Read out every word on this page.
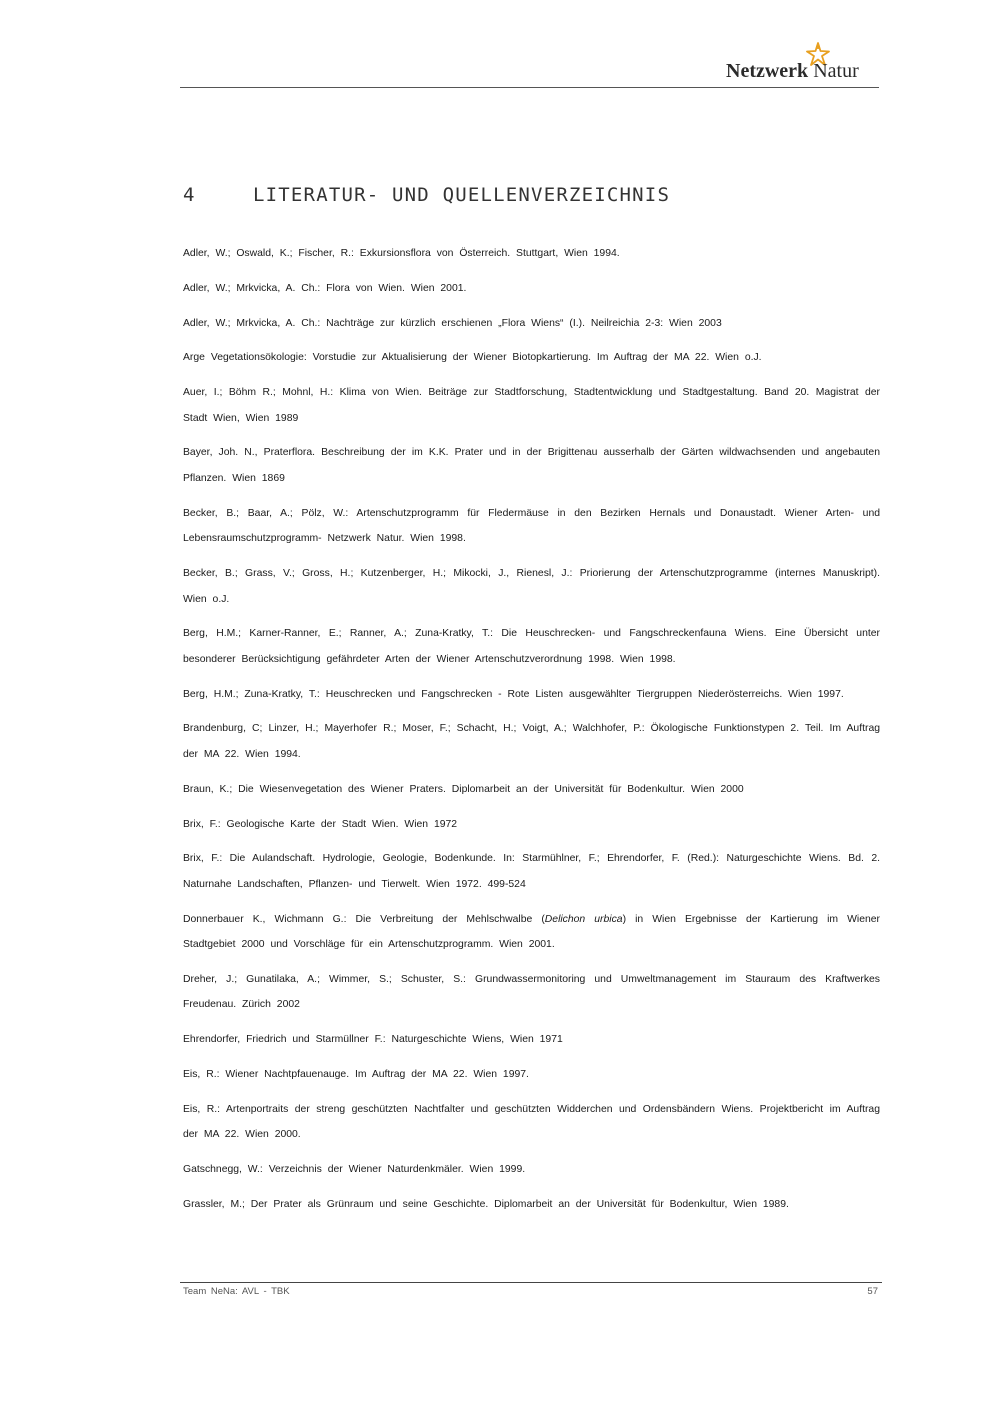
Netzwerk Natur
4	LITERATUR- UND QUELLENVERZEICHNIS

Adler, W.; Oswald, K.; Fischer, R.: Exkursionsflora von Österreich. Stuttgart, Wien 1994.

Adler, W.; Mrkvicka, A. Ch.: Flora von Wien. Wien 2001.

Adler, W.; Mrkvicka, A. Ch.: Nachträge zur kürzlich erschienen „Flora Wiens“ (I.). Neilreichia 2-3: Wien 2003

Arge Vegetationsökologie: Vorstudie zur Aktualisierung der Wiener Biotopkartierung. Im Auftrag der MA 22. Wien o.J.

Auer, I.; Böhm R.; Mohnl, H.: Klima von Wien. Beiträge zur Stadtforschung, Stadtentwicklung und Stadtgestaltung. Band 20. Magistrat der Stadt Wien, Wien 1989

Bayer, Joh. N., Praterflora. Beschreibung der im K.K. Prater und in der Brigittenau ausserhalb der Gärten wildwachsenden und angebauten Pflanzen. Wien 1869

Becker, B.; Baar, A.; Pölz, W.: Artenschutzprogramm für Fledermäuse in den Bezirken Hernals und Donaustadt. Wiener Arten- und Lebensraumschutzprogramm- Netzwerk Natur. Wien 1998.

Becker, B.; Grass, V.; Gross, H.; Kutzenberger, H.; Mikocki, J., Rienesl, J.: Priorierung der Artenschutzprogramme (internes Manuskript). Wien o.J.

Berg, H.M.; Karner-Ranner, E.; Ranner, A.; Zuna-Kratky, T.: Die Heuschrecken- und Fangschreckenfauna Wiens. Eine Übersicht unter besonderer Berücksichtigung gefährdeter Arten der Wiener Artenschutzverordnung 1998. Wien 1998.

Berg, H.M.; Zuna-Kratky, T.: Heuschrecken und Fangschrecken - Rote Listen ausgewählter Tiergruppen Niederösterreichs. Wien 1997.

Brandenburg, C; Linzer, H.; Mayerhofer R.; Moser, F.; Schacht, H.; Voigt, A.; Walchhofer, P.: Ökologische Funktionstypen 2. Teil. Im Auftrag der MA 22. Wien 1994.

Braun, K.; Die Wiesenvegetation des Wiener Praters. Diplomarbeit an der Universität für Bodenkultur. Wien 2000

Brix, F.: Geologische Karte der Stadt Wien. Wien 1972

Brix, F.: Die Aulandschaft. Hydrologie, Geologie, Bodenkunde. In: Starmühlner, F.; Ehrendorfer, F. (Red.): Naturgeschichte Wiens. Bd. 2. Naturnahe Landschaften, Pflanzen- und Tierwelt. Wien 1972. 499-524

Donnerbauer K., Wichmann G.: Die Verbreitung der Mehlschwalbe (Delichon urbica) in Wien Ergebnisse der Kartierung im Wiener Stadtgebiet 2000 und Vorschläge für ein Artenschutzprogramm. Wien 2001.

Dreher, J.; Gunatilaka, A.; Wimmer, S.; Schuster, S.: Grundwassermonitoring und Umweltmanagement im Stauraum des Kraftwerkes Freudenau. Zürich 2002

Ehrendorfer, Friedrich und Starmüllner F.: Naturgeschichte Wiens, Wien 1971

Eis, R.: Wiener Nachtpfauenauge. Im Auftrag der MA 22. Wien 1997.

Eis, R.: Artenportraits der streng geschützten Nachtfalter und geschützten Widderchen und Ordensbändern Wiens. Projektbericht im Auftrag der MA 22. Wien 2000.

Gatschnegg, W.: Verzeichnis der Wiener Naturdenkmäler. Wien 1999.

Grassler, M.; Der Prater als Grünraum und seine Geschichte. Diplomarbeit an der Universität für Bodenkultur, Wien 1989.

Team NeNa: AVL - TBK	57
